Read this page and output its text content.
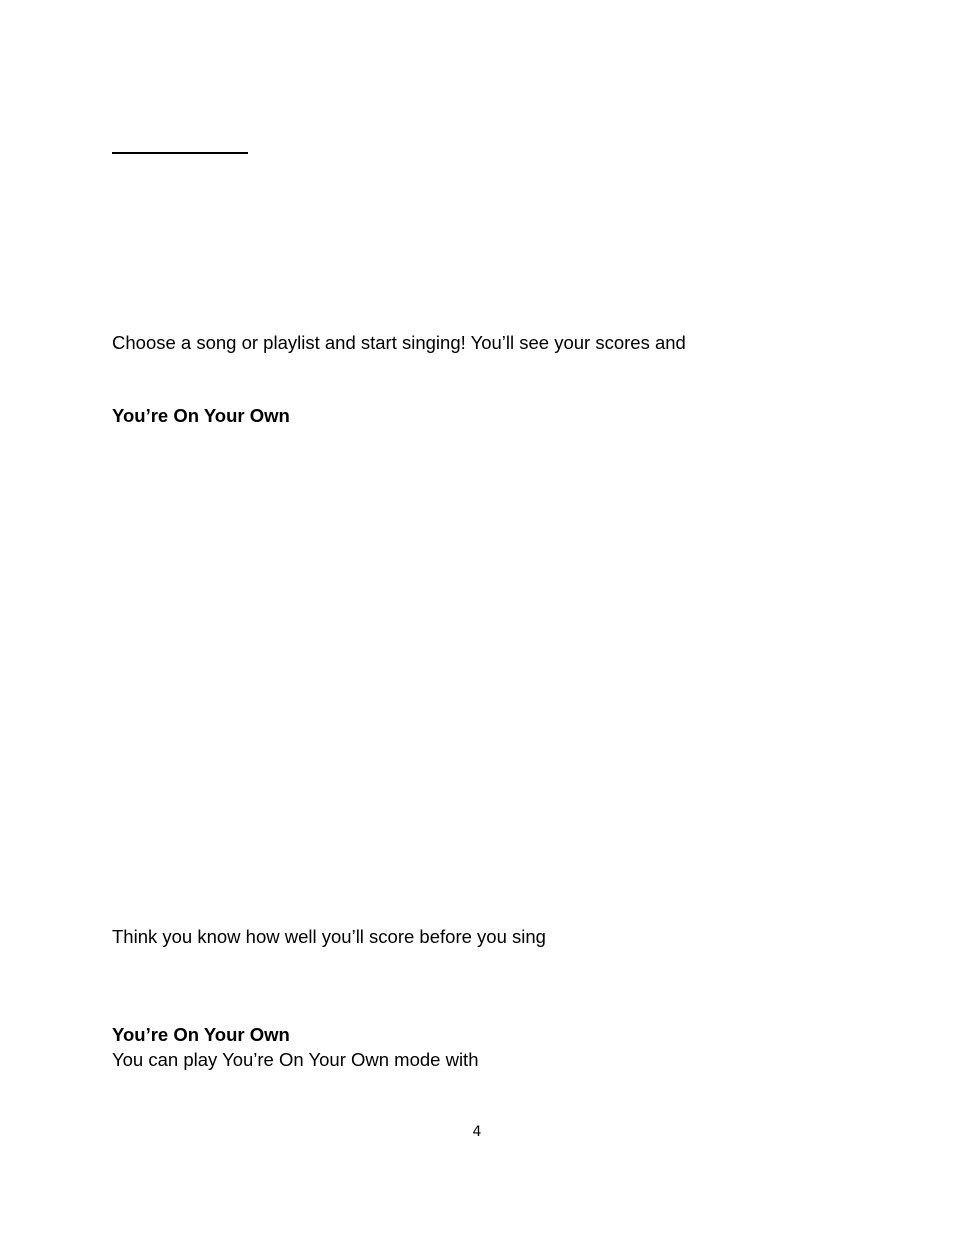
Choose a song or playlist and start singing! You’ll see your scores and
You’re On Your Own
Think you know how well you’ll score before you sing
You’re On Your Own
You can play You’re On Your Own mode with
4
